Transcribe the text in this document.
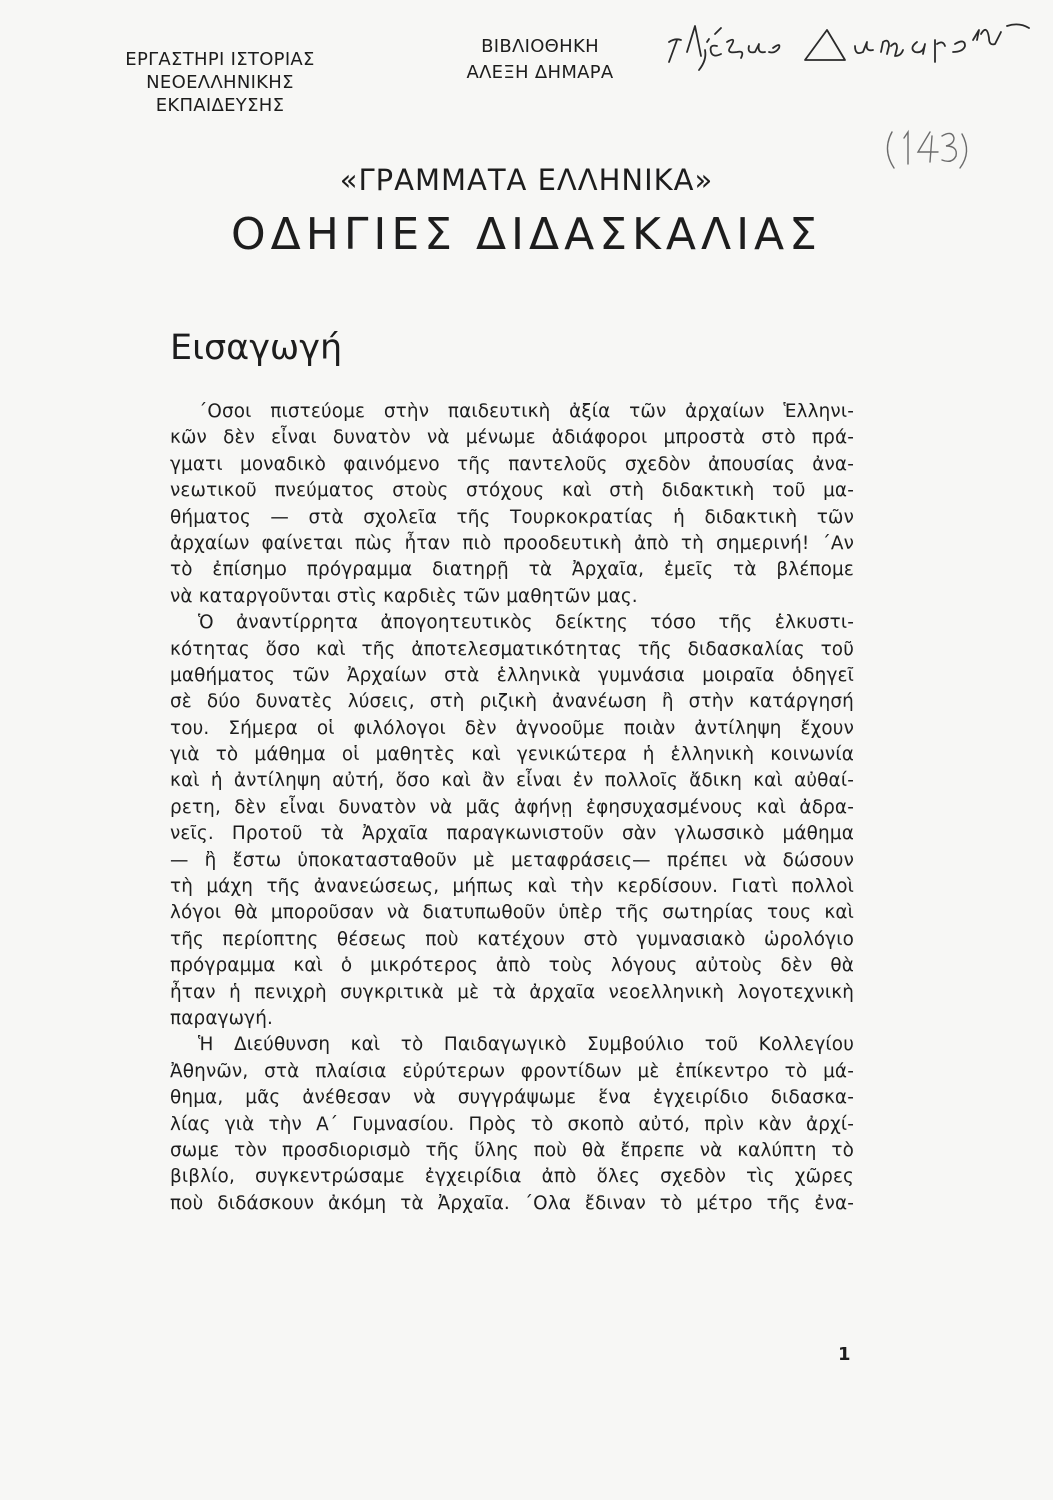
ΕΡΓΑΣΤΗΡΙ ΙΣΤΟΡΙΑΣ
ΝΕΟΕΛΛΗΝΙΚΗΣ
ΕΚΠΑΙΔΕΥΣΗΣ
ΒΙΒΛΙΟΘΗΚΗ
ΑΛΕΞΗ ΔΗΜΑΡΑ
«ΓΡΑΜΜΑΤΑ ΕΛΛΗΝΙΚΑ»
ΟΔΗΓΙΕΣ ΔΙΔΑΣΚΑΛΙΑΣ
Εισαγωγή
΄Οσοι πιστεύομε στὴν παιδευτικὴ ἀξία τῶν ἀρχαίων Ἑλληνι-
κῶν δὲν εἶναι δυνατὸν νὰ μένωμε ἀδιάφοροι μπροστὰ στὸ πρά-
γματι μοναδικὸ φαινόμενο τῆς παντελοῦς σχεδὸν ἀπουσίας ἀνα-
νεωτικοῦ πνεύματος στοὺς στόχους καὶ στὴ διδακτικὴ τοῦ μα-
θήματος — στὰ σχολεῖα τῆς Τουρκοκρατίας ἡ διδακτικὴ τῶν
ἀρχαίων φαίνεται πὼς ἦταν πιὸ προοδευτικὴ ἀπὸ τὴ σημερινή! ΄Αν
τὸ ἐπίσημο πρόγραμμα διατηρῇ τὰ Ἀρχαῖα, ἐμεῖς τὰ βλέπομε
νὰ καταργοῦνται στὶς καρδιὲς τῶν μαθητῶν μας.
Ὁ ἀναντίρρητα ἀπογοητευτικὸς δείκτης τόσο τῆς ἑλκυστι-
κότητας ὅσο καὶ τῆς ἀποτελεσματικότητας τῆς διδασκαλίας τοῦ
μαθήματος τῶν Ἀρχαίων στὰ ἑλληνικὰ γυμνάσια μοιραῖα ὁδηγεῖ
σὲ δύο δυνατὲς λύσεις, στὴ ριζικὴ ἀνανέωση ἢ στὴν κατάργησή
του. Σήμερα οἱ φιλόλογοι δὲν ἀγνοοῦμε ποιὰν ἀντίληψη ἔχουν
γιὰ τὸ μάθημα οἱ μαθητὲς καὶ γενικώτερα ἡ ἑλληνικὴ κοινωνία
καὶ ἡ ἀντίληψη αὐτή, ὅσο καὶ ἂν εἶναι ἐν πολλοῖς ἄδικη καὶ αὐθαί-
ρετη, δὲν εἶναι δυνατὸν νὰ μᾶς ἀφήνῃ ἐφησυχασμένους καὶ ἀδρα-
νεῖς. Προτοῦ τὰ Ἀρχαῖα παραγκωνιστοῦν σὰν γλωσσικὸ μάθημα
— ἢ ἔστω ὑποκατασταθοῦν μὲ μεταφράσεις— πρέπει νὰ δώσουν
τὴ μάχη τῆς ἀνανεώσεως, μήπως καὶ τὴν κερδίσουν. Γιατὶ πολλοὶ
λόγοι θὰ μποροῦσαν νὰ διατυπωθοῦν ὑπὲρ τῆς σωτηρίας τους καὶ
τῆς περίοπτης θέσεως ποὺ κατέχουν στὸ γυμνασιακὸ ὡρολόγιο
πρόγραμμα καὶ ὁ μικρότερος ἀπὸ τοὺς λόγους αὐτοὺς δὲν θὰ
ἦταν ἡ πενιχρὴ συγκριτικὰ μὲ τὰ ἀρχαῖα νεοελληνικὴ λογοτεχνικὴ
παραγωγή.
Ἡ Διεύθυνση καὶ τὸ Παιδαγωγικὸ Συμβούλιο τοῦ Κολλεγίου
Ἀθηνῶν, στὰ πλαίσια εὐρύτερων φροντίδων μὲ ἐπίκεντρο τὸ μά-
θημα, μᾶς ἀνέθεσαν νὰ συγγράψωμε ἕνα ἐγχειρίδιο διδασκα-
λίας γιὰ τὴν Α΄ Γυμνασίου. Πρὸς τὸ σκοπὸ αὐτό, πρὶν κὰν ἀρχί-
σωμε τὸν προσδιορισμὸ τῆς ὕλης ποὺ θὰ ἔπρεπε νὰ καλύπτη τὸ
βιβλίο, συγκεντρώσαμε ἐγχειρίδια ἀπὸ ὅλες σχεδὸν τὶς χῶρες
ποὺ διδάσκουν ἀκόμη τὰ Ἀρχαῖα. ΄Ολα ἔδιναν τὸ μέτρο τῆς ἐνα-
1
